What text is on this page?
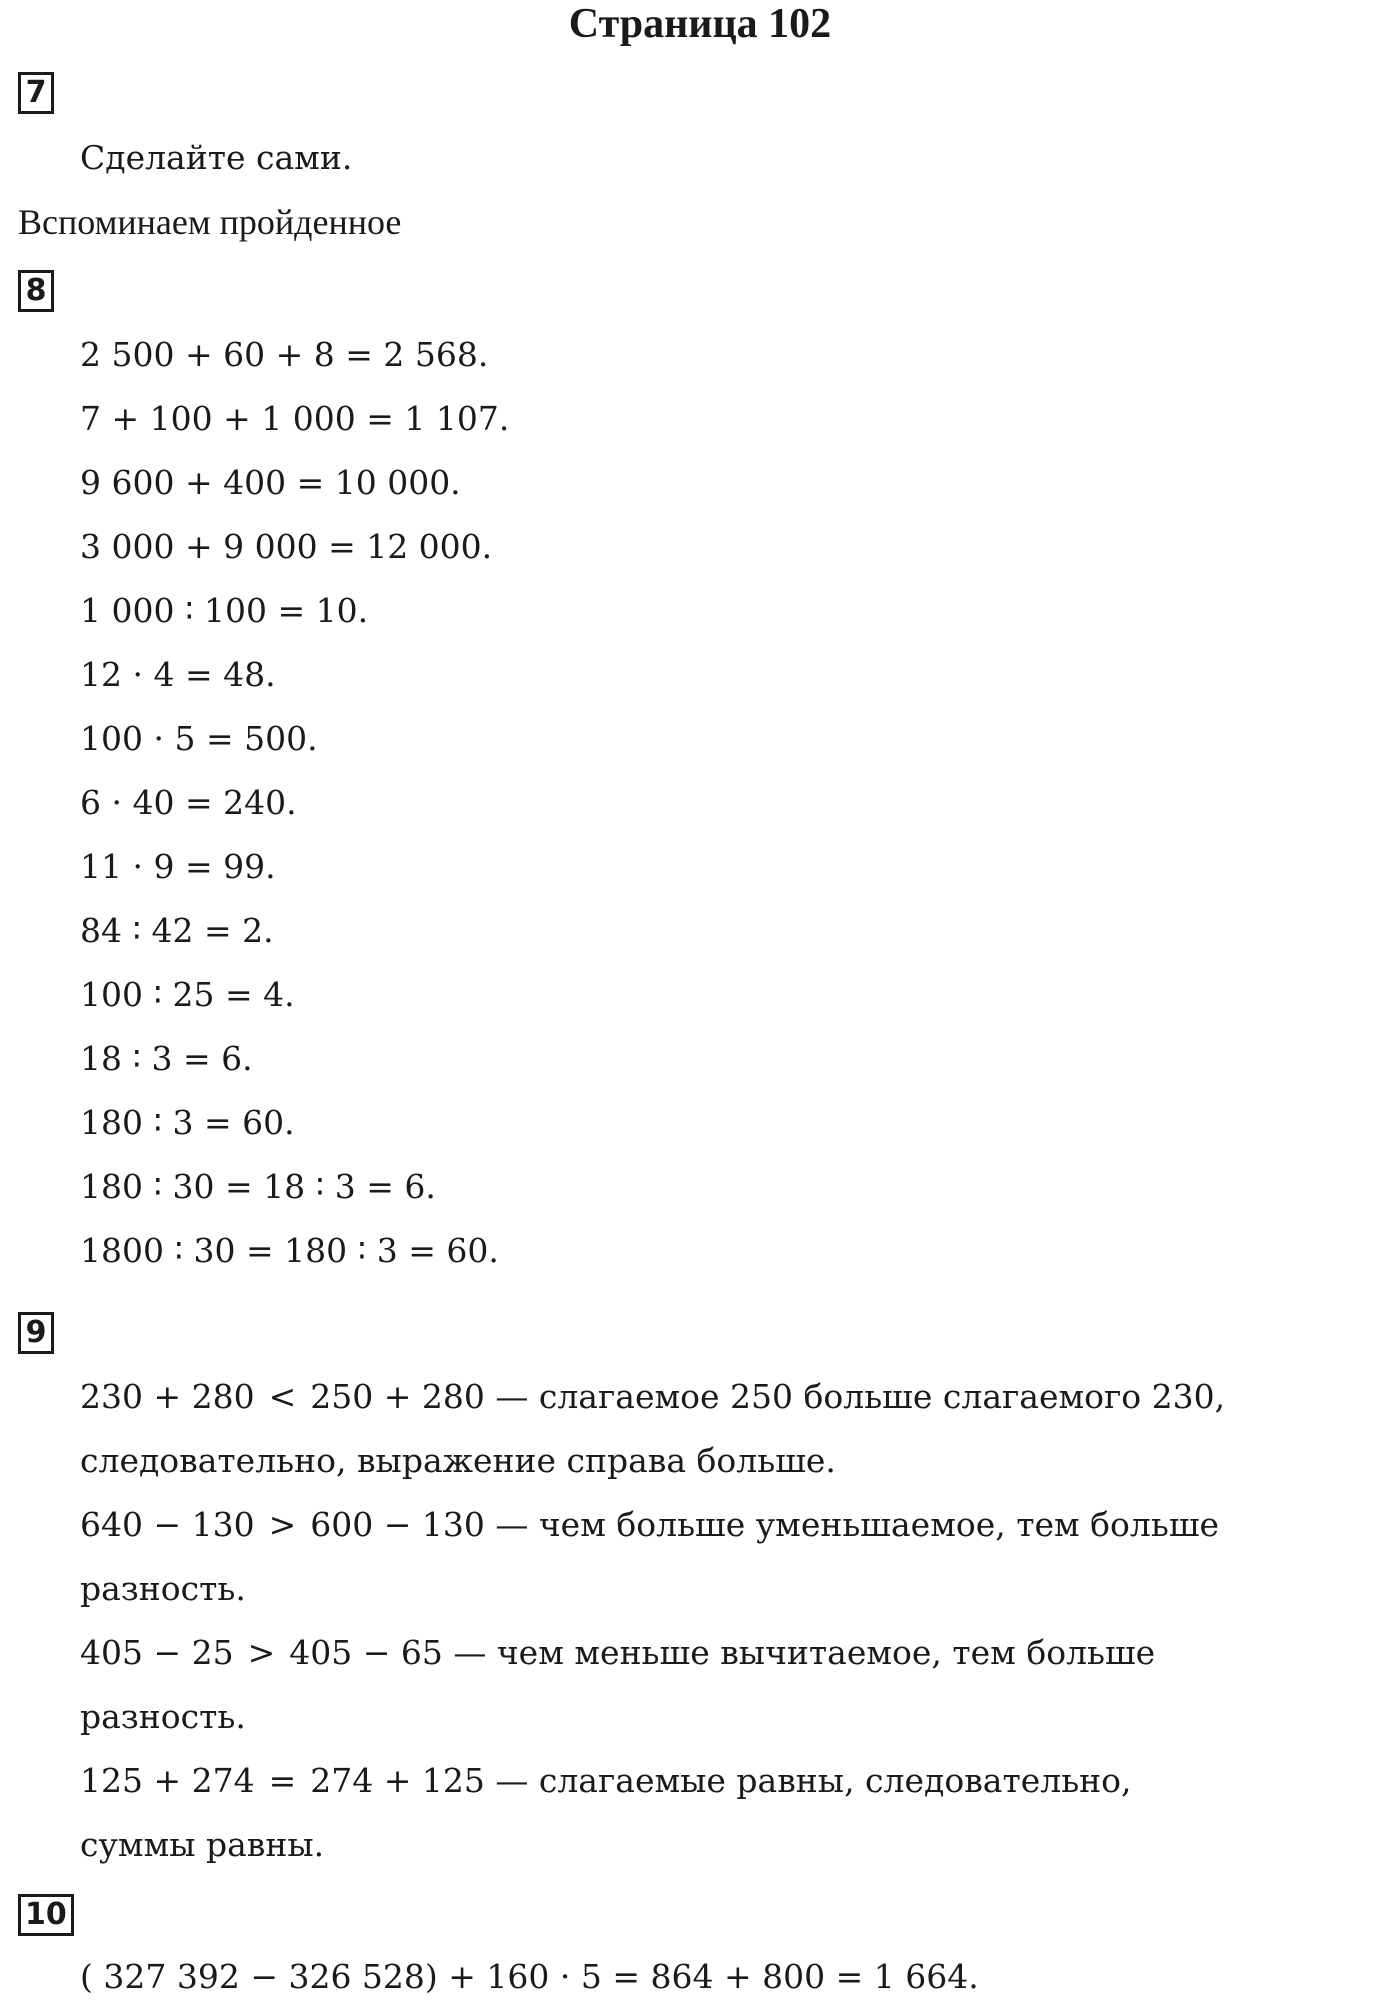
Страница 102
7
Сделайте сами.
Вспоминаем пройденное
8
2 500 + 60 + 8 = 2 568.
7 + 100 + 1 000 = 1 107.
9 600 + 400 = 10 000.
3 000 + 9 000 = 12 000.
1 000 ∶ 100 = 10.
12 · 4 = 48.
100 · 5 = 500.
6 · 40 = 240.
11 · 9 = 99.
84 ∶ 42 = 2.
100 ∶ 25 = 4.
18 ∶ 3 = 6.
180 ∶ 3 = 60.
180 ∶ 30 = 18 ∶ 3 = 6.
1800 ∶ 30 = 180 ∶ 3 = 60.
9
230 + 280 < 250 + 280 — слагаемое 250 больше слагаемого 230,
следовательно, выражение справа больше.
640 − 130 > 600 − 130 — чем больше уменьшаемое, тем больше
разность.
405 − 25 > 405 − 65 — чем меньше вычитаемое, тем больше
разность.
125 + 274 = 274 + 125 — слагаемые равны, следовательно,
суммы равны.
10
( 327 392 − 326 528) + 160 · 5 = 864 + 800 = 1 664.
